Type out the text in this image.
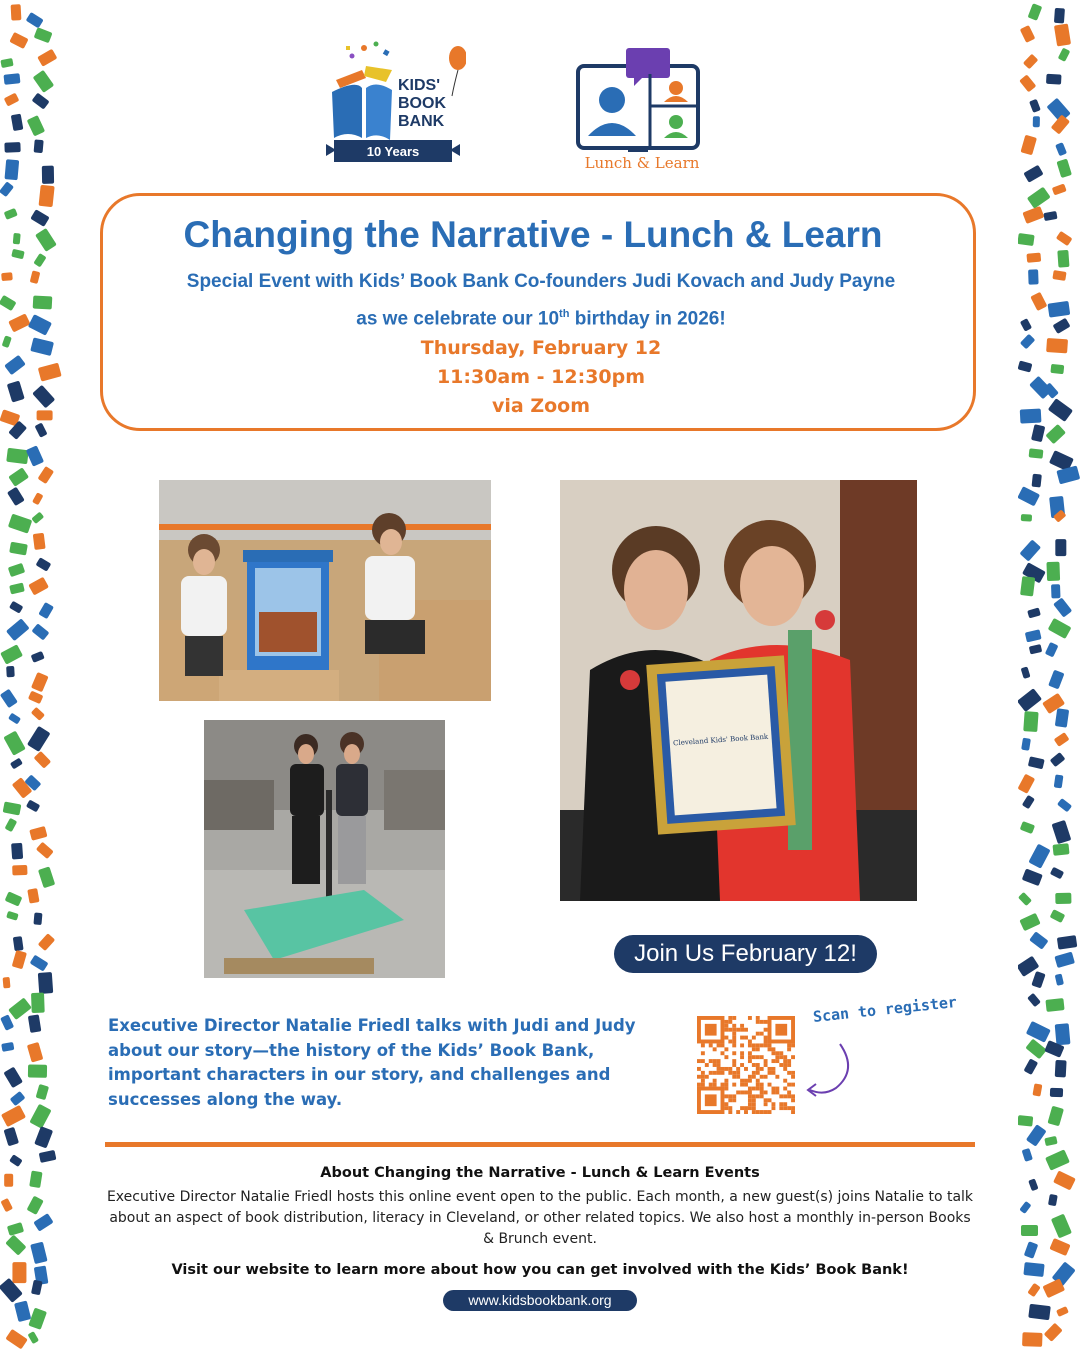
KIDS'
BOOK
BANK
10 Years
Lunch & Learn
Changing the Narrative - Lunch & Learn
Special Event with Kids’ Book Bank Co-founders Judi Kovach and Judy Payne
as we celebrate our 10th birthday in 2026!
Thursday, February 12
11:30am - 12:30pm
via Zoom
Cleveland Kids' Book Bank
Join Us February 12!
Executive Director Natalie Friedl talks with Judi and Judy about our story—the history of the Kids’ Book Bank, important characters in our story, and challenges and successes along the way.
Scan to register
About Changing the Narrative - Lunch & Learn Events
Executive Director Natalie Friedl hosts this online event open to the public. Each month, a new guest(s) joins Natalie to talk about an aspect of book distribution, literacy in Cleveland, or other related topics. We also host a monthly in-person Books & Brunch event.
Visit our website to learn more about how you can get involved with the Kids’ Book Bank!
www.kidsbookbank.org
